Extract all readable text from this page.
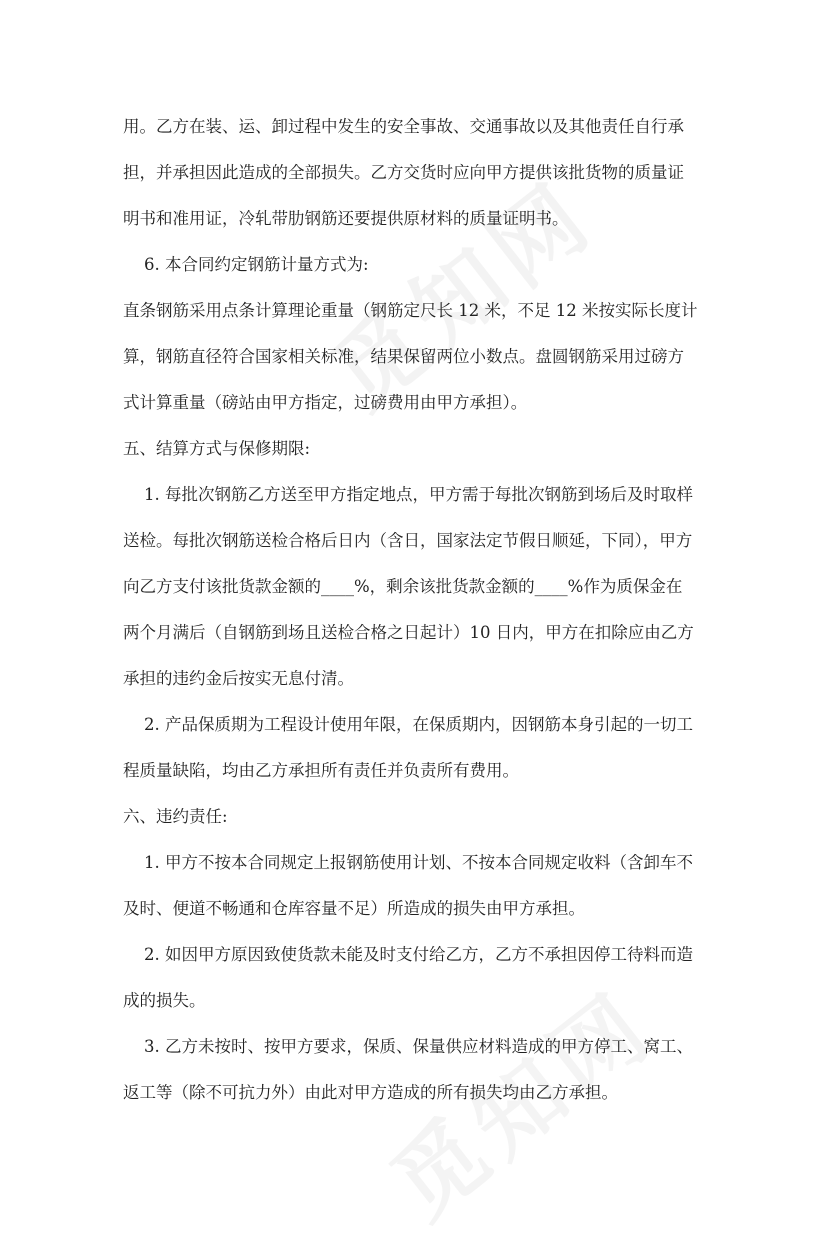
用。乙方在装、运、卸过程中发生的安全事故、交通事故以及其他责任自行承
担，并承担因此造成的全部损失。乙方交货时应向甲方提供该批货物的质量证
明书和准用证，冷轧带肋钢筋还要提供原材料的质量证明书。
6. 本合同约定钢筋计量方式为:
直条钢筋采用点条计算理论重量（钢筋定尺长 12 米，不足 12 米按实际长度计
算，钢筋直径符合国家相关标准，结果保留两位小数点。盘圆钢筋采用过磅方
式计算重量（磅站由甲方指定，过磅费用由甲方承担）。
五、结算方式与保修期限:
1. 每批次钢筋乙方送至甲方指定地点，甲方需于每批次钢筋到场后及时取样
送检。每批次钢筋送检合格后日内（含日，国家法定节假日顺延，下同），甲方
向乙方支付该批货款金额的____%，剩余该批货款金额的____%作为质保金在
两个月满后（自钢筋到场且送检合格之日起计）10 日内，甲方在扣除应由乙方
承担的违约金后按实无息付清。
2. 产品保质期为工程设计使用年限，在保质期内，因钢筋本身引起的一切工
程质量缺陷，均由乙方承担所有责任并负责所有费用。
六、违约责任:
1. 甲方不按本合同规定上报钢筋使用计划、不按本合同规定收料（含卸车不
及时、便道不畅通和仓库容量不足）所造成的损失由甲方承担。
2. 如因甲方原因致使货款未能及时支付给乙方，乙方不承担因停工待料而造
成的损失。
3. 乙方未按时、按甲方要求，保质、保量供应材料造成的甲方停工、窝工、
返工等（除不可抗力外）由此对甲方造成的所有损失均由乙方承担。
